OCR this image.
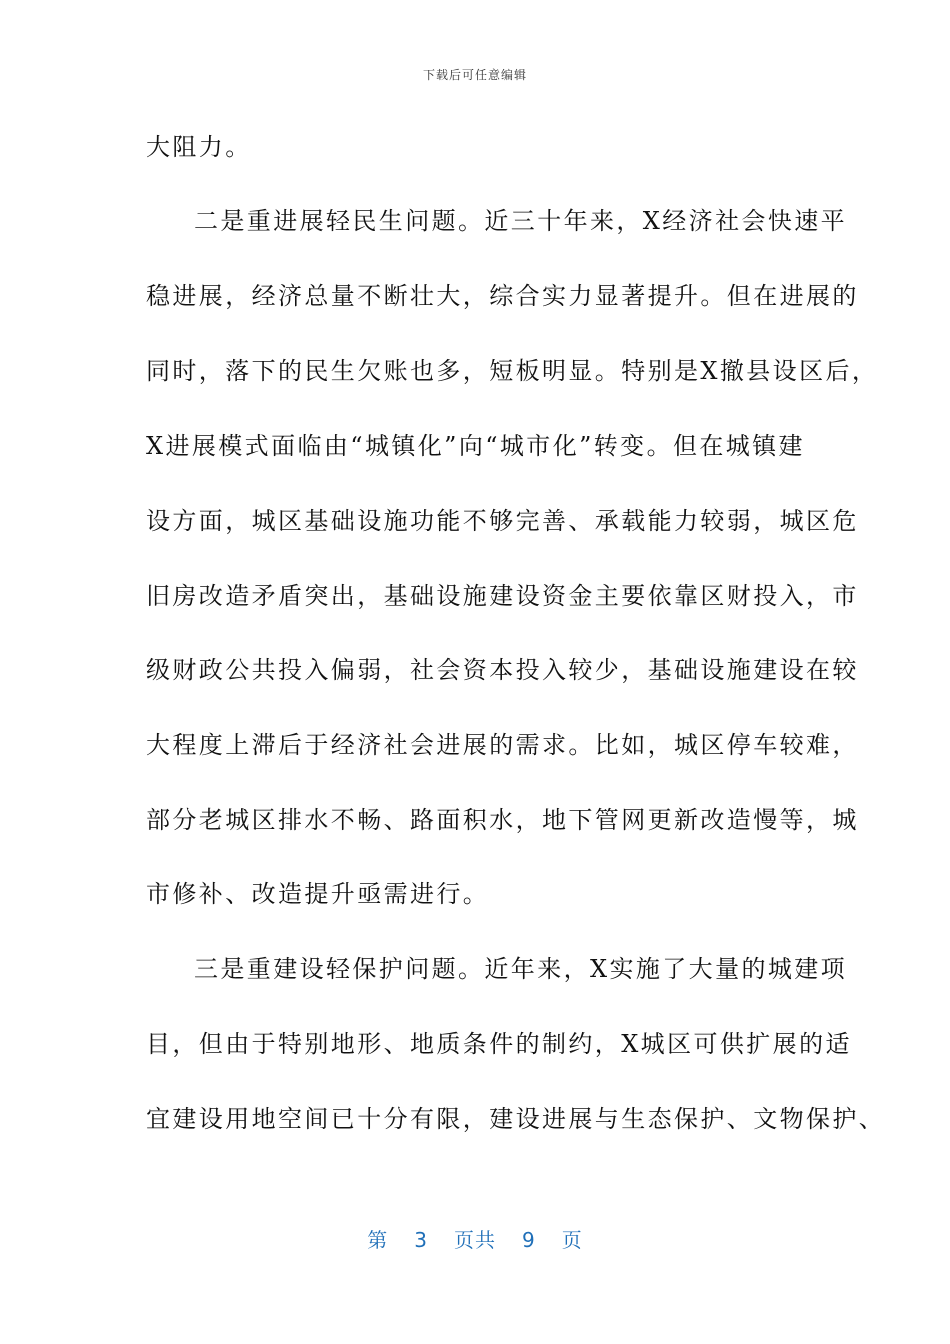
下载后可任意编辑
大阻力。
二是重进展轻民生问题。近三十年来，X经济社会快速平
稳进展，经济总量不断壮大，综合实力显著提升。但在进展的
同时，落下的民生欠账也多，短板明显。特别是X撤县设区后，
X进展模式面临由“城镇化”向“城市化”转变。但在城镇建
设方面，城区基础设施功能不够完善、承载能力较弱，城区危
旧房改造矛盾突出，基础设施建设资金主要依靠区财投入，市
级财政公共投入偏弱，社会资本投入较少，基础设施建设在较
大程度上滞后于经济社会进展的需求。比如，城区停车较难，
部分老城区排水不畅、路面积水，地下管网更新改造慢等，城
市修补、改造提升亟需进行。
三是重建设轻保护问题。近年来，X实施了大量的城建项
目，但由于特别地形、地质条件的制约，X城区可供扩展的适
宜建设用地空间已十分有限，建设进展与生态保护、文物保护、
第 3 页共 9 页
